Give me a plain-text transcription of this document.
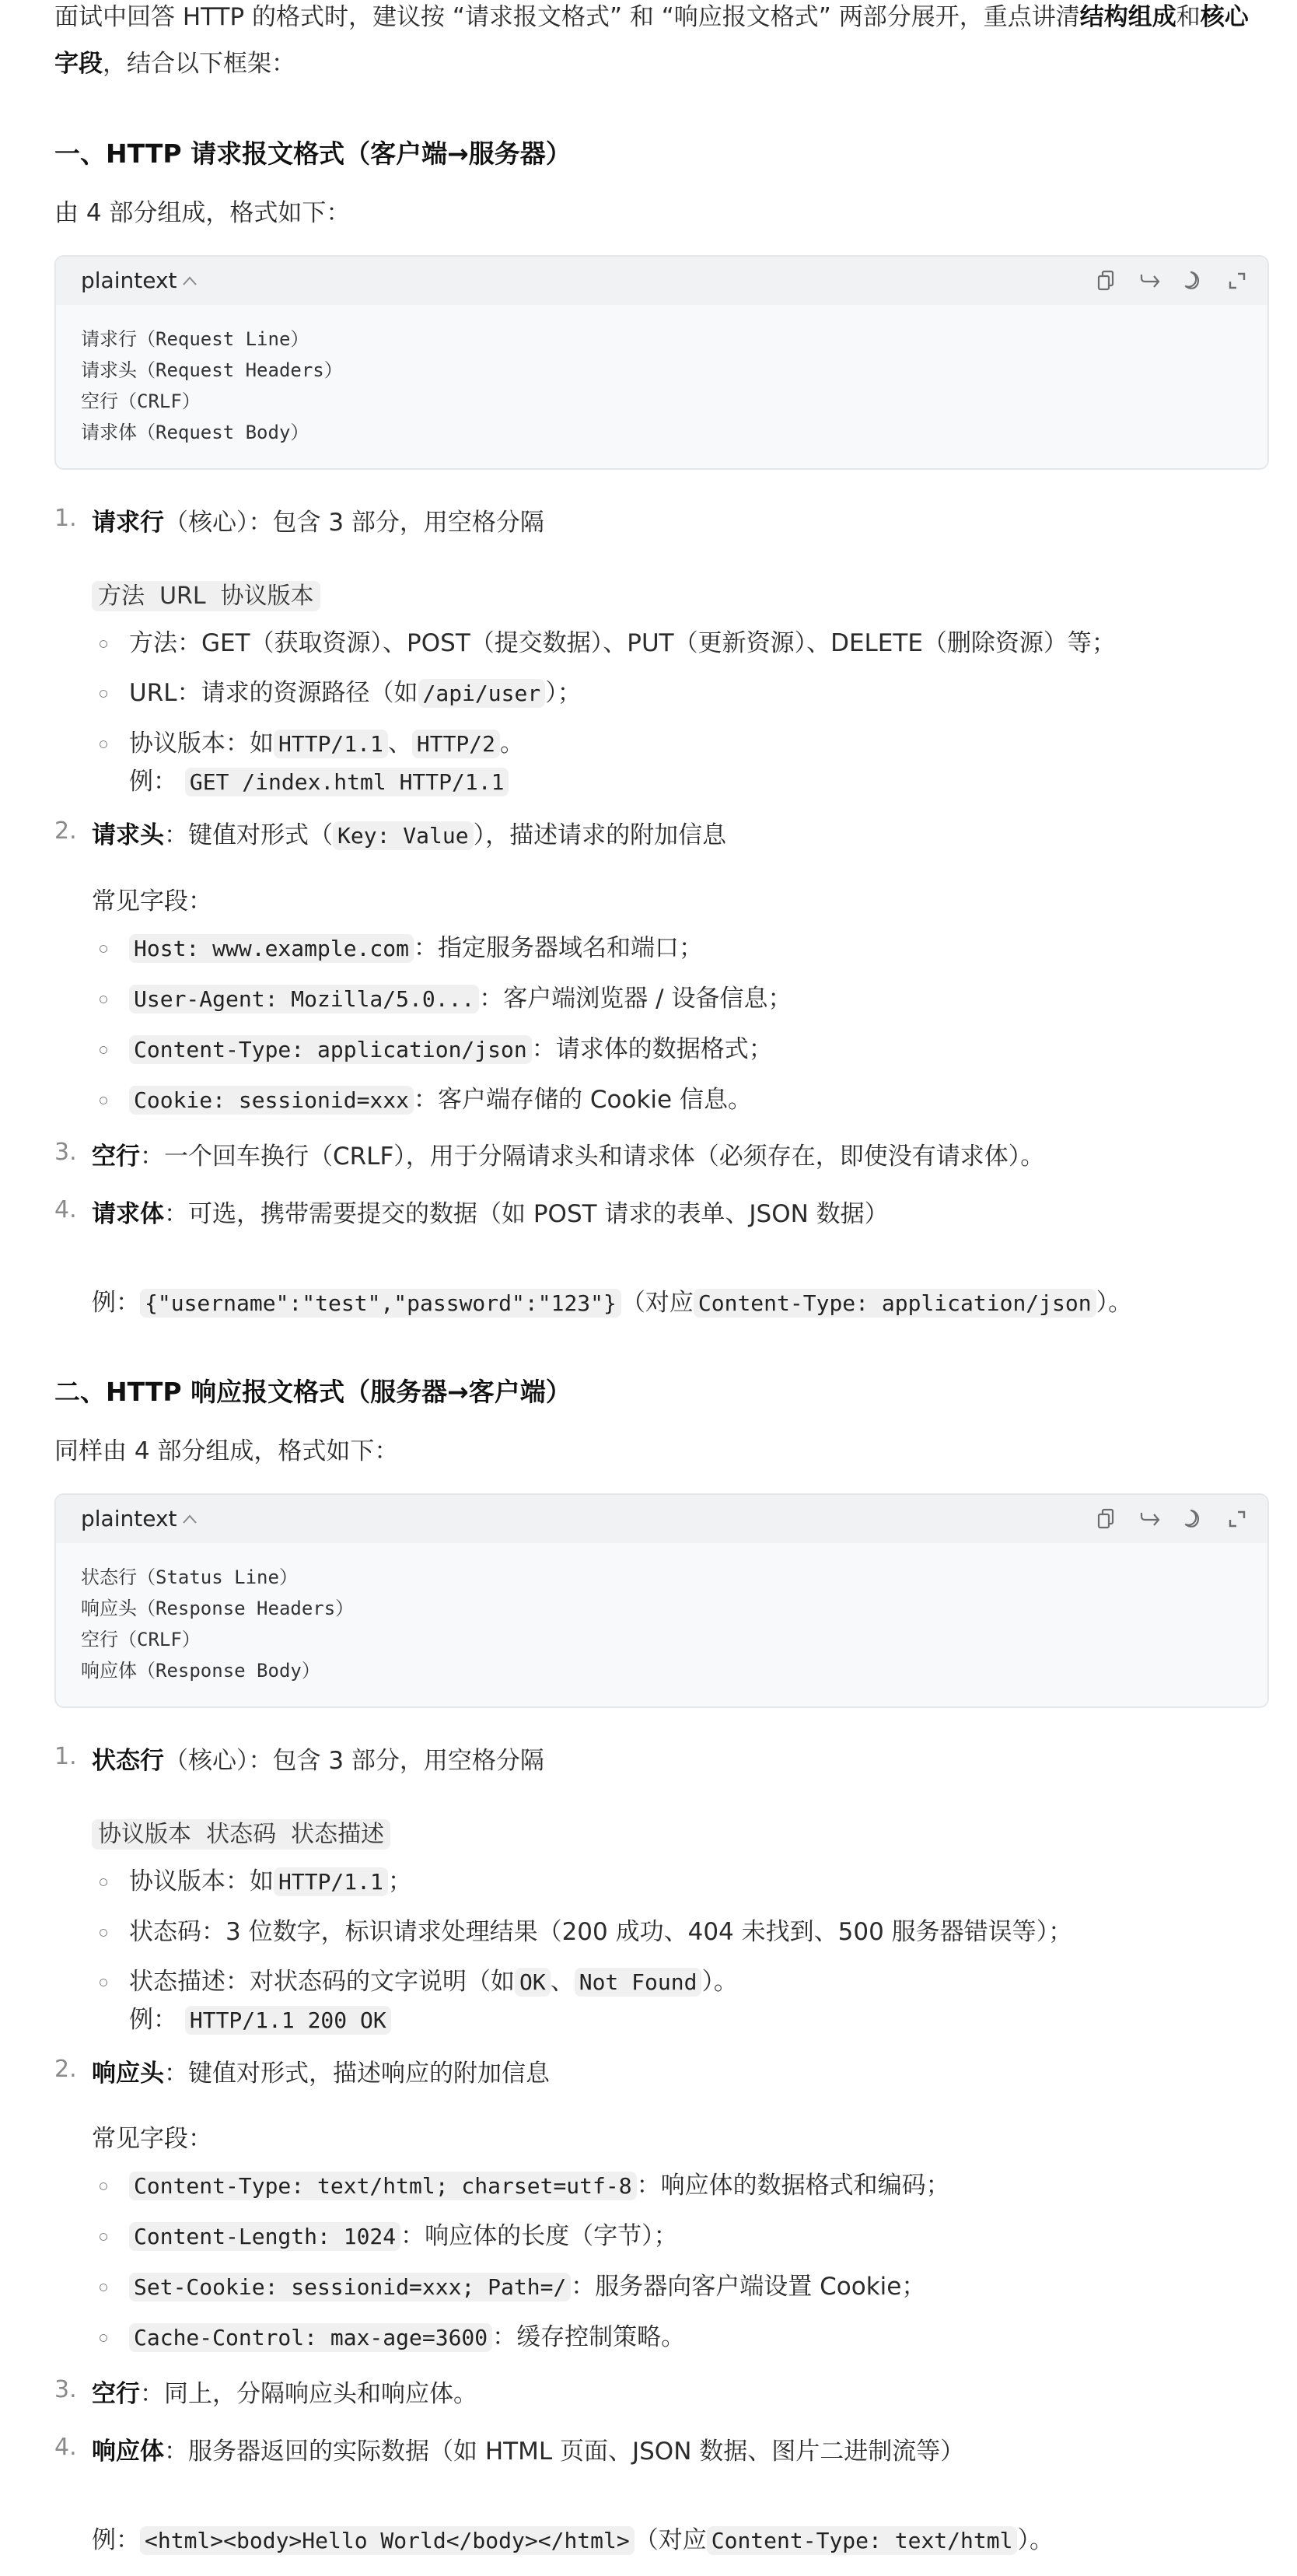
面试中回答 HTTP 的格式时，建议按 “请求报文格式” 和 “响应报文格式” 两部分展开，重点讲清结构组成和核心字段，结合以下框架：

一、HTTP 请求报文格式（客户端→服务器）

由 4 部分组成，格式如下：

plaintext
请求行（Request Line）
请求头（Request Headers）
空行（CRLF）
请求体（Request Body）
1. 请求行（核心）：包含 3 部分，用空格分隔
方法  URL  协议版本
方法：GET（获取资源）、POST（提交数据）、PUT（更新资源）、DELETE（删除资源）等；
URL：请求的资源路径（如 /api/user ）；
协议版本：如 HTTP/1.1 、 HTTP/2 。
例： GET /index.html HTTP/1.1
2. 请求头：键值对形式（ Key: Value ），描述请求的附加信息
常见字段：
Host: www.example.com ：指定服务器域名和端口；
User-Agent: Mozilla/5.0... ：客户端浏览器 / 设备信息；
Content-Type: application/json ：请求体的数据格式；
Cookie: sessionid=xxx ：客户端存储的 Cookie 信息。
3. 空行：一个回车换行（CRLF），用于分隔请求头和请求体（必须存在，即使没有请求体）。
4. 请求体：可选，携带需要提交的数据（如 POST 请求的表单、JSON 数据）
例： {"username":"test","password":"123"} （对应 Content-Type: application/json ）。
二、HTTP 响应报文格式（服务器→客户端）

同样由 4 部分组成，格式如下：

plaintext
状态行（Status Line）
响应头（Response Headers）
空行（CRLF）
响应体（Response Body）
1. 状态行（核心）：包含 3 部分，用空格分隔
协议版本  状态码  状态描述
协议版本：如 HTTP/1.1 ；
状态码：3 位数字，标识请求处理结果（200 成功、404 未找到、500 服务器错误等）；
状态描述：对状态码的文字说明（如 OK 、 Not Found ）。
例： HTTP/1.1 200 OK
2. 响应头：键值对形式，描述响应的附加信息
常见字段：
Content-Type: text/html; charset=utf-8 ：响应体的数据格式和编码；
Content-Length: 1024 ：响应体的长度（字节）；
Set-Cookie: sessionid=xxx; Path=/ ：服务器向客户端设置 Cookie；
Cache-Control: max-age=3600 ：缓存控制策略。
3. 空行：同上，分隔响应头和响应体。
4. 响应体：服务器返回的实际数据（如 HTML 页面、JSON 数据、图片二进制流等）
例： <html><body>Hello World</body></html> （对应 Content-Type: text/html ）。
